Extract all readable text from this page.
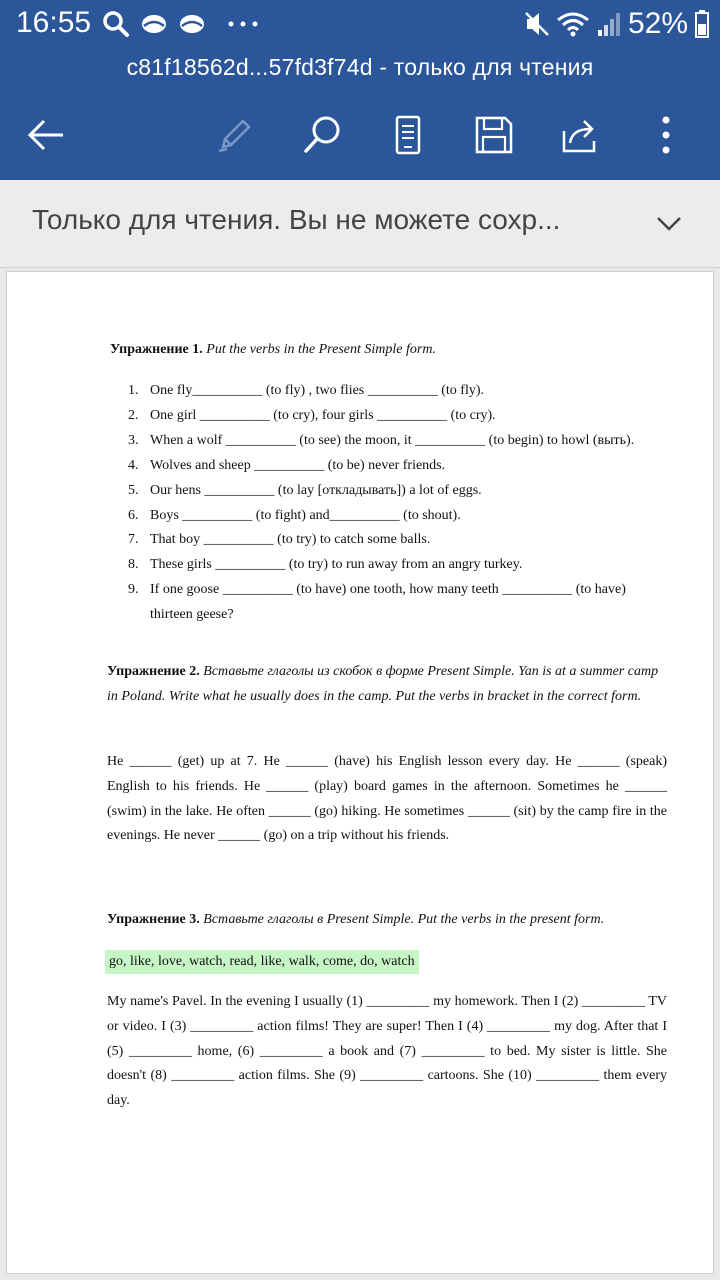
16:55	52%
c81f18562d...57fd3f74d - только для чтения
Только для чтения. Вы не можете сохр...
Упражнение 1. Put the verbs in the Present Simple form.
1. One fly__________ (to fly) , two flies __________ (to fly).
2. One girl __________ (to cry), four girls __________ (to cry).
3. When a wolf __________ (to see) the moon, it __________ (to begin) to howl (выть).
4. Wolves and sheep __________ (to be) never friends.
5. Our hens __________ (to lay [откладывать]) a lot of eggs.
6. Boys __________ (to fight) and__________ (to shout).
7. That boy __________ (to try) to catch some balls.
8. These girls __________ (to try) to run away from an angry turkey.
9. If one goose __________ (to have) one tooth, how many teeth __________ (to have) thirteen geese?
Упражнение 2. Вставьте глаголы из скобок в форме Present Simple. Yan is at a summer camp in Poland. Write what he usually does in the camp. Put the verbs in bracket in the correct form.
He ______ (get) up at 7. He ______ (have) his English lesson every day. He ______ (speak) English to his friends. He ______ (play) board games in the afternoon. Sometimes he ______ (swim) in the lake. He often ______ (go) hiking. He sometimes ______ (sit) by the camp fire in the evenings. He never ______ (go) on a trip without his friends.
Упражнение 3. Вставьте глаголы в Present Simple. Put the verbs in the present form.
go, like, love, watch, read, like, walk, come, do, watch
My name's Pavel. In the evening I usually (1) _________ my homework. Then I (2) _________ TV or video. I (3) _________ action films! They are super! Then I (4) _________ my dog. After that I (5) _________ home, (6) _________ a book and (7) _________ to bed. My sister is little. She doesn't (8) _________ action films. She (9) _________ cartoons. She (10) _________ them every day.
